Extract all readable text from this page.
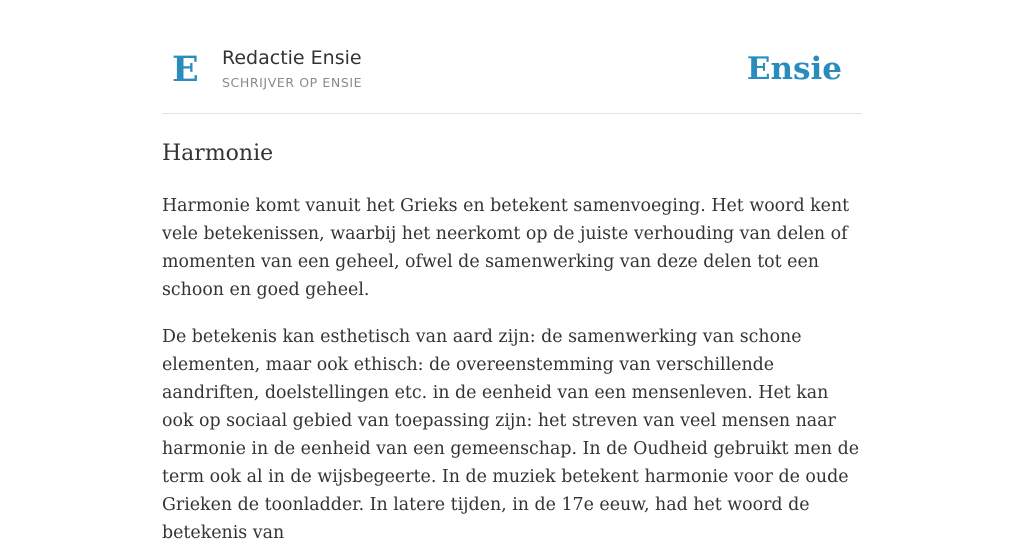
E Redactie Ensie
SCHRIJVER OP ENSIE	Ensie
Harmonie

Harmonie komt vanuit het Grieks en betekent samenvoeging. Het woord kent vele betekenissen, waarbij het neerkomt op de juiste verhouding van delen of momenten van een geheel, ofwel de samenwerking van deze delen tot een schoon en goed geheel.

De betekenis kan esthetisch van aard zijn: de samenwerking van schone elementen, maar ook ethisch: de overeenstemming van verschillende aandriften, doelstellingen etc. in de eenheid van een mensenleven. Het kan ook op sociaal gebied van toepassing zijn: het streven van veel mensen naar harmonie in de eenheid van een gemeenschap. In de Oudheid gebruikt men de term ook al in de wijsbegeerte. In de muziek betekent harmonie voor de oude Grieken de toonladder. In latere tijden, in de 17e eeuw, had het woord de betekenis van
